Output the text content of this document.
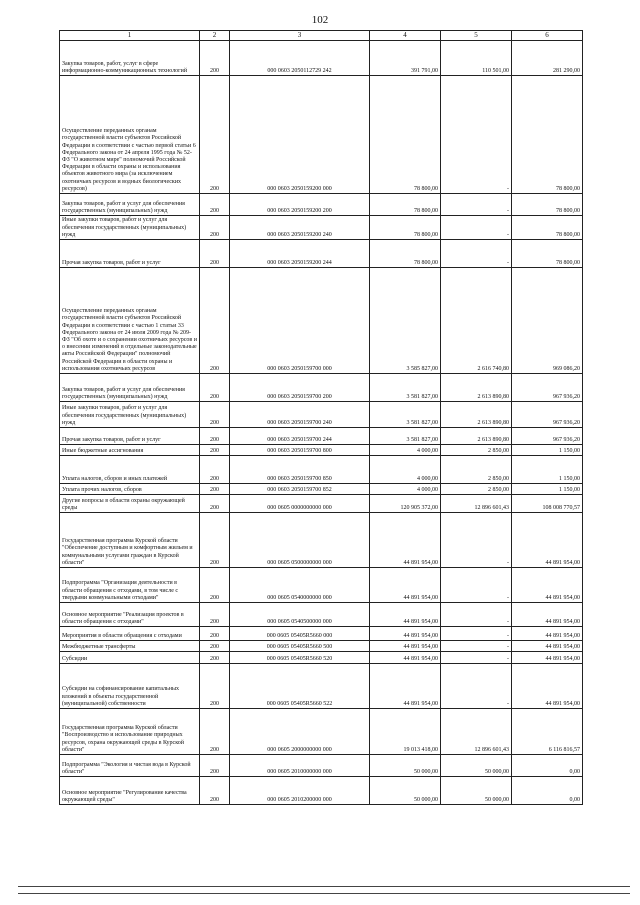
102
1	2	3	4	5	6
Закупка товаров, работ, услуг в сфере информационно-коммуникационных технологий	200	000 0603 2050112729 242	391 791,00	110 501,00	281 290,00
Осуществление переданных органам государственной власти субъектов Российской Федерации в соответствии с частью первой статьи 6 Федерального закона от 24 апреля 1995 года № 52-ФЗ "О животном мире" полномочий Российской Федерации в области охраны и использования объектов животного мира (за исключением охотничьих ресурсов и водных биологических ресурсов)	200	000 0603 2050159200 000	78 800,00	-	78 800,00
Закупка товаров, работ и услуг для обеспечения государственных (муниципальных) нужд	200	000 0603 2050159200 200	78 800,00	-	78 800,00
Иные закупки товаров, работ и услуг для обеспечения государственных (муниципальных) нужд	200	000 0603 2050159200 240	78 800,00	-	78 800,00
Прочая закупка товаров, работ и услуг	200	000 0603 2050159200 244	78 800,00	-	78 800,00
Осуществление переданных органам государственной власти субъектов Российской Федерации в соответствии с частью 1 статьи 33 Федерального закона от 24 июля 2009 года № 209-ФЗ "Об охоте и о сохранении охотничьих ресурсов и о внесении изменений в отдельные законодательные акты Российской Федерации" полномочий Российской Федерации в области охраны и использования охотничьих ресурсов	200	000 0603 2050159700 000	3 585 827,00	2 616 740,80	969 086,20
Закупка товаров, работ и услуг для обеспечения государственных (муниципальных) нужд	200	000 0603 2050159700 200	3 581 827,00	2 613 890,80	967 936,20
Иные закупки товаров, работ и услуг для обеспечения государственных (муниципальных) нужд	200	000 0603 2050159700 240	3 581 827,00	2 613 890,80	967 936,20
Прочая закупка товаров, работ и услуг	200	000 0603 2050159700 244	3 581 827,00	2 613 890,80	967 936,20
Иные бюджетные ассигнования	200	000 0603 2050159700 800	4 000,00	2 850,00	1 150,00
Уплата налогов, сборов и иных платежей	200	000 0603 2050159700 850	4 000,00	2 850,00	1 150,00
Уплата прочих налогов, сборов	200	000 0603 2050159700 852	4 000,00	2 850,00	1 150,00
Другие вопросы в области охраны окружающей среды	200	000 0605 0000000000 000	120 905 372,00	12 896 601,43	108 008 770,57
Государственная программа Курской области "Обеспечение доступным и комфортным жильем и коммунальными услугами граждан в Курской области"	200	000 0605 0500000000 000	44 891 954,00	-	44 891 954,00
Подпрограмма "Организация деятельности в области обращения с отходами, в том числе с твердыми коммунальными отходами"	200	000 0605 0540000000 000	44 891 954,00	-	44 891 954,00
Основное мероприятие "Реализация проектов в области обращения с отходами"	200	000 0605 0540500000 000	44 891 954,00	-	44 891 954,00
Мероприятия в области обращения с отходами	200	000 0605 05405R5660 000	44 891 954,00	-	44 891 954,00
Межбюджетные трансферты	200	000 0605 05405R5660 500	44 891 954,00	-	44 891 954,00
Субсидии	200	000 0605 05405R5660 520	44 891 954,00	-	44 891 954,00
Субсидии на софинансирование капитальных вложений в объекты государственной (муниципальной) собственности	200	000 0605 05405R5660 522	44 891 954,00	-	44 891 954,00
Государственная программа Курской области "Воспроизводство и использование природных ресурсов, охрана окружающей среды в Курской области"	200	000 0605 2000000000 000	19 013 418,00	12 896 601,43	6 116 816,57
Подпрограмма "Экология и чистая вода в Курской области"	200	000 0605 2010000000 000	50 000,00	50 000,00	0,00
Основное мероприятие "Регулирование качества окружающей среды"	200	000 0605 2010200000 000	50 000,00	50 000,00	0,00
